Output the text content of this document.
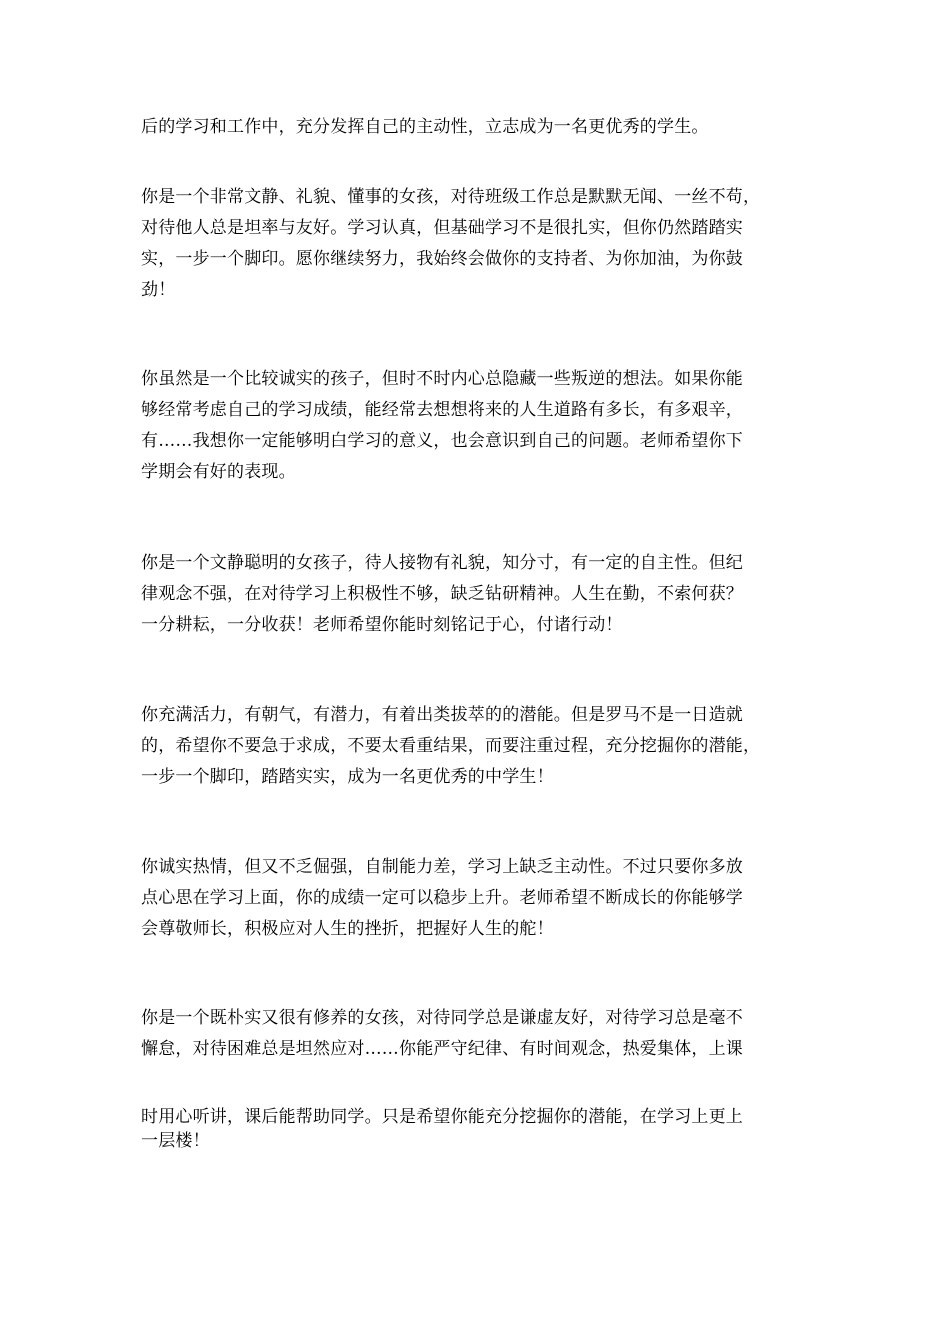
后的学习和工作中，充分发挥自己的主动性，立志成为一名更优秀的学生。

你是一个非常文静、礼貌、懂事的女孩，对待班级工作总是默默无闻、一丝不苟，
对待他人总是坦率与友好。学习认真，但基础学习不是很扎实，但你仍然踏踏实
实，一步一个脚印。愿你继续努力，我始终会做你的支持者、为你加油，为你鼓
劲！

你虽然是一个比较诚实的孩子，但时不时内心总隐藏一些叛逆的想法。如果你能
够经常考虑自己的学习成绩，能经常去想想将来的人生道路有多长，有多艰辛，
有……我想你一定能够明白学习的意义，也会意识到自己的问题。老师希望你下
学期会有好的表现。

你是一个文静聪明的女孩子，待人接物有礼貌，知分寸，有一定的自主性。但纪
律观念不强，在对待学习上积极性不够，缺乏钻研精神。人生在勤，不索何获？
一分耕耘，一分收获！老师希望你能时刻铭记于心，付诸行动！

你充满活力，有朝气，有潜力，有着出类拔萃的的潜能。但是罗马不是一日造就
的，希望你不要急于求成，不要太看重结果，而要注重过程，充分挖掘你的潜能，
一步一个脚印，踏踏实实，成为一名更优秀的中学生！

你诚实热情，但又不乏倔强，自制能力差，学习上缺乏主动性。不过只要你多放
点心思在学习上面，你的成绩一定可以稳步上升。老师希望不断成长的你能够学
会尊敬师长，积极应对人生的挫折，把握好人生的舵！

你是一个既朴实又很有修养的女孩，对待同学总是谦虚友好，对待学习总是毫不
懈怠，对待困难总是坦然应对……你能严守纪律、有时间观念，热爱集体，上课

时用心听讲，课后能帮助同学。只是希望你能充分挖掘你的潜能，在学习上更上
一层楼！
